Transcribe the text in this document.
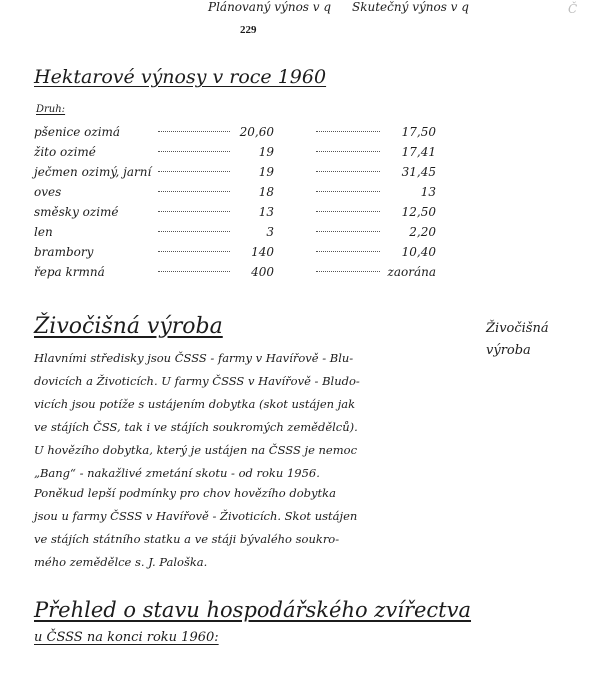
229
Č
Hektarové výnosy v roce 1960
Druh:
Plánovaný výnos v q Skutečný výnos v q
pšenice ozimá	20,60	17,50
žito ozimé	19	17,41
ječmen ozimý, jarní	19	31,45
oves	18	13
směsky ozimé	13	12,50
len	3	2,20
brambory	140	10,40
řepa krmná	400	zaorána
Živočišná výroba	Živočišná
výroba
Hlavními středisky jsou ČSSS - farmy v Havířově - Blu-
dovicích a Životicích. U farmy ČSSS v Havířově - Bludo-
vicích jsou potíže s ustájením dobytka (skot ustájen jak
ve stájích ČSS, tak i ve stájích soukromých zemědělců).
U hovězího dobytka, který je ustájen na ČSSS je nemoc
„Bang“ - nakažlivé zmetání skotu - od roku 1956.
Poněkud lepší podmínky pro chov hovězího dobytka
jsou u farmy ČSSS v Havířově - Životicích. Skot ustájen
ve stájích státního statku a ve stáji bývalého soukro-
mého zemědělce s. J. Paloška.
Přehled o stavu hospodářského zvířectva
u ČSSS na konci roku 1960:
